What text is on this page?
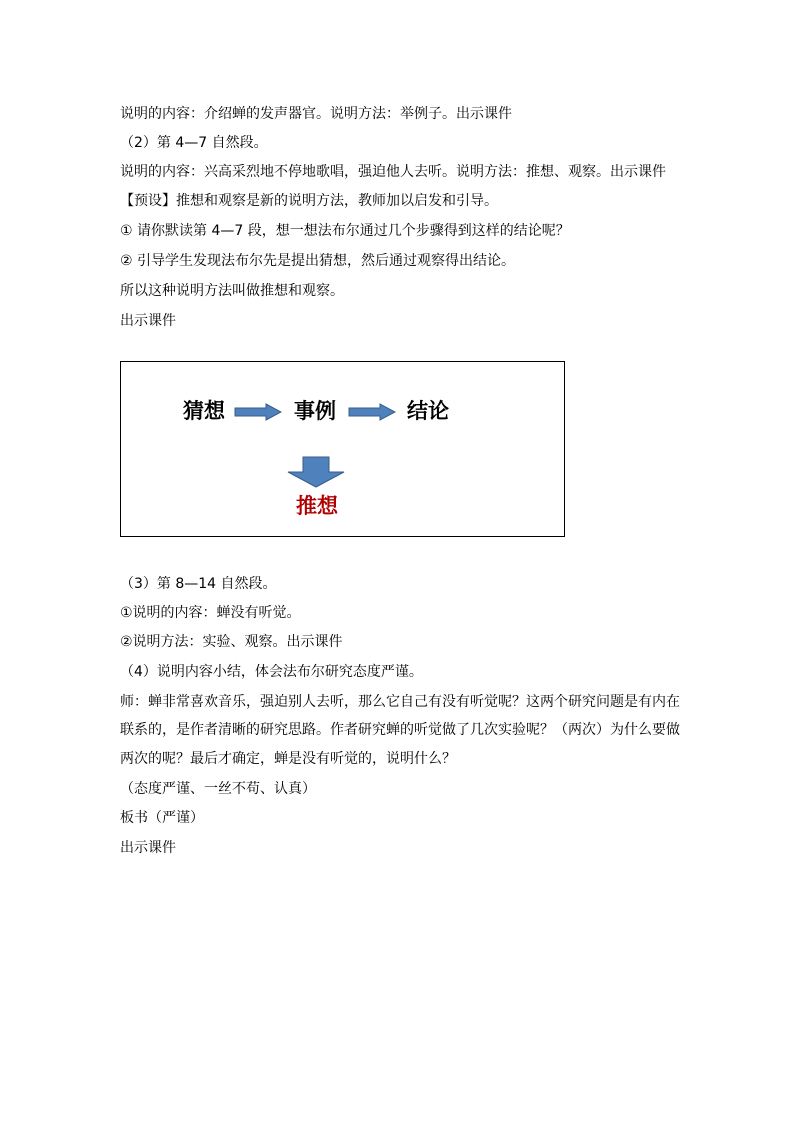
说明的内容：介绍蝉的发声器官。说明方法：举例子。出示课件
（2）第 4—7 自然段。
说明的内容：兴高采烈地不停地歌唱，强迫他人去听。说明方法：推想、观察。出示课件
【预设】推想和观察是新的说明方法，教师加以启发和引导。
① 请你默读第 4—7 段，想一想法布尔通过几个步骤得到这样的结论呢？
② 引导学生发现法布尔先是提出猜想，然后通过观察得出结论。
所以这种说明方法叫做推想和观察。
出示课件
猜想	事例	结论
推想
（3）第 8—14 自然段。
①说明的内容：蝉没有听觉。
②说明方法：实验、观察。出示课件
（4）说明内容小结，体会法布尔研究态度严谨。
师：蝉非常喜欢音乐，强迫别人去听，那么它自己有没有听觉呢？这两个研究问题是有内在
联系的，是作者清晰的研究思路。作者研究蝉的听觉做了几次实验呢？（两次）为什么要做
两次的呢？最后才确定，蝉是没有听觉的，说明什么？
（态度严谨、一丝不苟、认真）
板书（严谨）
出示课件
